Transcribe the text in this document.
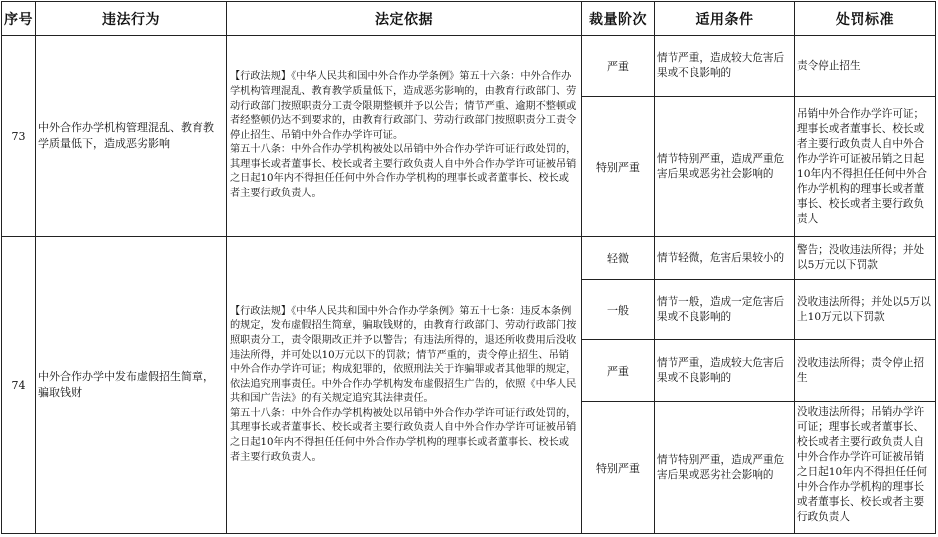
序号	违法行为	法定依据	裁量阶次	适用条件	处罚标准
73	中外合作办学机构管理混乱、教育教学质量低下，造成恶劣影响	【行政法规】《中华人民共和国中外合作办学条例》第五十六条：中外合作办学机构管理混乱、教育教学质量低下，造成恶劣影响的，由教育行政部门、劳动行政部门按照职责分工责令限期整顿并予以公告；情节严重、逾期不整顿或者经整顿仍达不到要求的，由教育行政部门、劳动行政部门按照职责分工责令停止招生、吊销中外合作办学许可证。

第五十八条：中外合作办学机构被处以吊销中外合作办学许可证行政处罚的，其理事长或者董事长、校长或者主要行政负责人自中外合作办学许可证被吊销之日起10年内不得担任任何中外合作办学机构的理事长或者董事长、校长或者主要行政负责人。	严重	情节严重，造成较大危害后果或不良影响的	责令停止招生
			特别严重	情节特别严重，造成严重危害后果或恶劣社会影响的	吊销中外合作办学许可证；理事长或者董事长、校长或者主要行政负责人自中外合作办学许可证被吊销之日起10年内不得担任任何中外合作办学机构的理事长或者董事长、校长或者主要行政负责人
74	中外合作办学中发布虚假招生简章，骗取钱财	【行政法规】《中华人民共和国中外合作办学条例》第五十七条：违反本条例的规定，发布虚假招生简章，骗取钱财的，由教育行政部门、劳动行政部门按照职责分工，责令限期改正并予以警告；有违法所得的，退还所收费用后没收违法所得，并可处以10万元以下的罚款；情节严重的，责令停止招生、吊销中外合作办学许可证；构成犯罪的，依照刑法关于诈骗罪或者其他罪的规定，依法追究刑事责任。中外合作办学机构发布虚假招生广告的，依照《中华人民共和国广告法》的有关规定追究其法律责任。

第五十八条：中外合作办学机构被处以吊销中外合作办学许可证行政处罚的，其理事长或者董事长、校长或者主要行政负责人自中外合作办学许可证被吊销之日起10年内不得担任任何中外合作办学机构的理事长或者董事长、校长或者主要行政负责人。	轻微	情节轻微，危害后果较小的	警告；没收违法所得；并处以5万元以下罚款
			一般	情节一般，造成一定危害后果或不良影响的	没收违法所得；并处以5万以上10万元以下罚款
			严重	情节严重，造成较大危害后果或不良影响的	没收违法所得；责令停止招生
			特别严重	情节特别严重，造成严重危害后果或恶劣社会影响的	没收违法所得；吊销办学许可证；理事长或者董事长、校长或者主要行政负责人自中外合作办学许可证被吊销之日起10年内不得担任任何中外合作办学机构的理事长或者董事长、校长或者主要行政负责人
